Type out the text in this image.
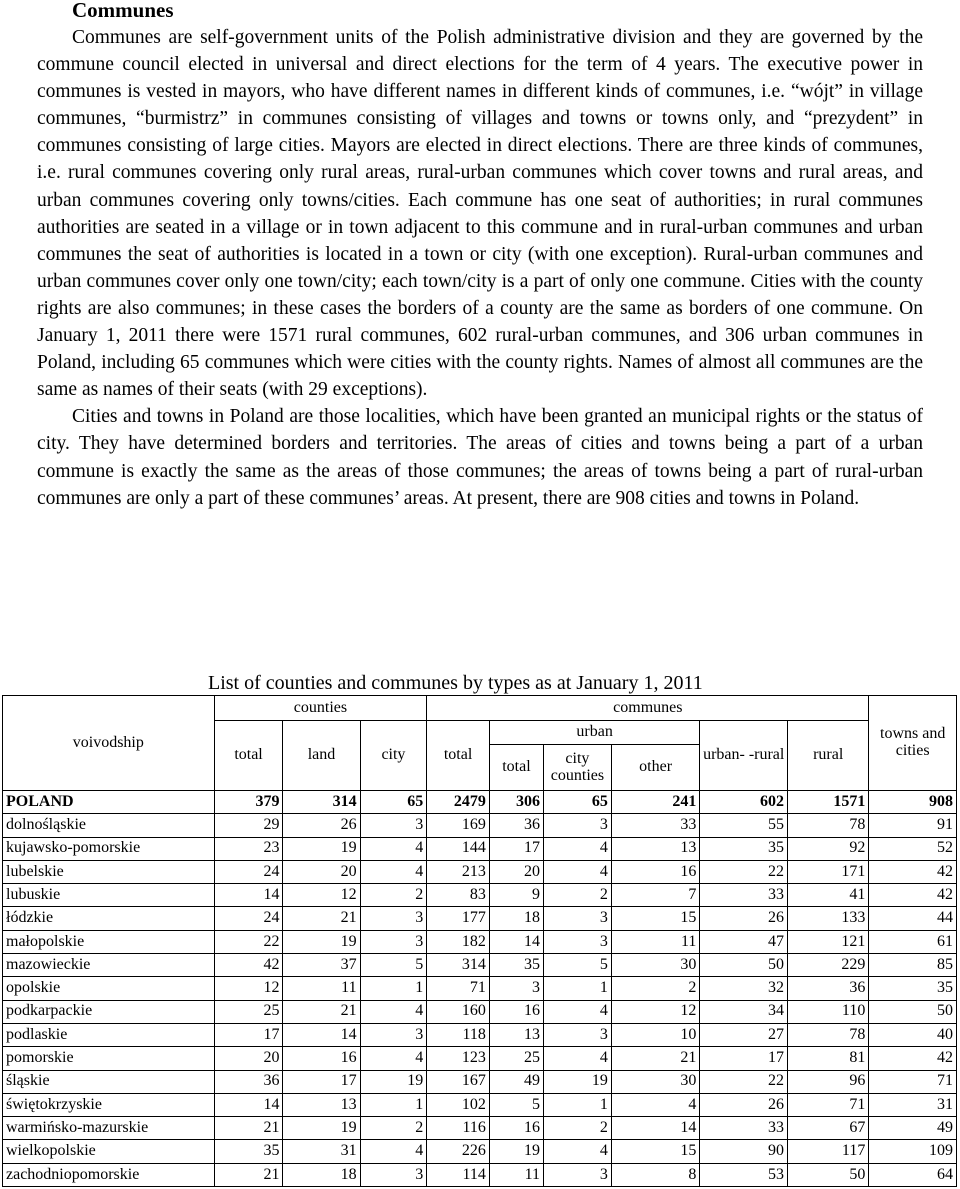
Communes

Communes are self-government units of the Polish administrative division and they are governed by the commune council elected in universal and direct elections for the term of 4 years. The executive power in communes is vested in mayors, who have different names in different kinds of communes, i.e. “wójt” in village communes, “burmistrz” in communes consisting of villages and towns or towns only, and “prezydent” in communes consisting of large cities. Mayors are elected in direct elections. There are three kinds of communes, i.e. rural communes covering only rural areas, rural-urban communes which cover towns and rural areas, and urban communes covering only towns/cities. Each commune has one seat of authorities; in rural communes authorities are seated in a village or in town adjacent to this commune and in rural-urban communes and urban communes the seat of authorities is located in a town or city (with one exception). Rural-urban communes and urban communes cover only one town/city; each town/city is a part of only one commune. Cities with the county rights are also communes; in these cases the borders of a county are the same as borders of one commune. On January 1, 2011 there were 1571 rural communes, 602 rural-urban communes, and 306 urban communes in Poland, including 65 communes which were cities with the county rights. Names of almost all communes are the same as names of their seats (with 29 exceptions).

Cities and towns in Poland are those localities, which have been granted an municipal rights or the status of city. They have determined borders and territories. The areas of cities and towns being a part of a urban commune is exactly the same as the areas of those communes; the areas of towns being a part of rural-urban communes are only a part of these communes’ areas. At present, there are 908 cities and towns in Poland.

List of counties and communes by types as at January 1, 2011
voivodship	counties			communes						towns and cities
	total	land	city	total	urban			urban- -rural	rural	
					total	city counties	other			
POLAND	379	314	65	2479	306	65	241	602	1571	908
dolnośląskie	29	26	3	169	36	3	33	55	78	91
kujawsko-pomorskie	23	19	4	144	17	4	13	35	92	52
lubelskie	24	20	4	213	20	4	16	22	171	42
lubuskie	14	12	2	83	9	2	7	33	41	42
łódzkie	24	21	3	177	18	3	15	26	133	44
małopolskie	22	19	3	182	14	3	11	47	121	61
mazowieckie	42	37	5	314	35	5	30	50	229	85
opolskie	12	11	1	71	3	1	2	32	36	35
podkarpackie	25	21	4	160	16	4	12	34	110	50
podlaskie	17	14	3	118	13	3	10	27	78	40
pomorskie	20	16	4	123	25	4	21	17	81	42
śląskie	36	17	19	167	49	19	30	22	96	71
świętokrzyskie	14	13	1	102	5	1	4	26	71	31
warmińsko-mazurskie	21	19	2	116	16	2	14	33	67	49
wielkopolskie	35	31	4	226	19	4	15	90	117	109
zachodniopomorskie	21	18	3	114	11	3	8	53	50	64
